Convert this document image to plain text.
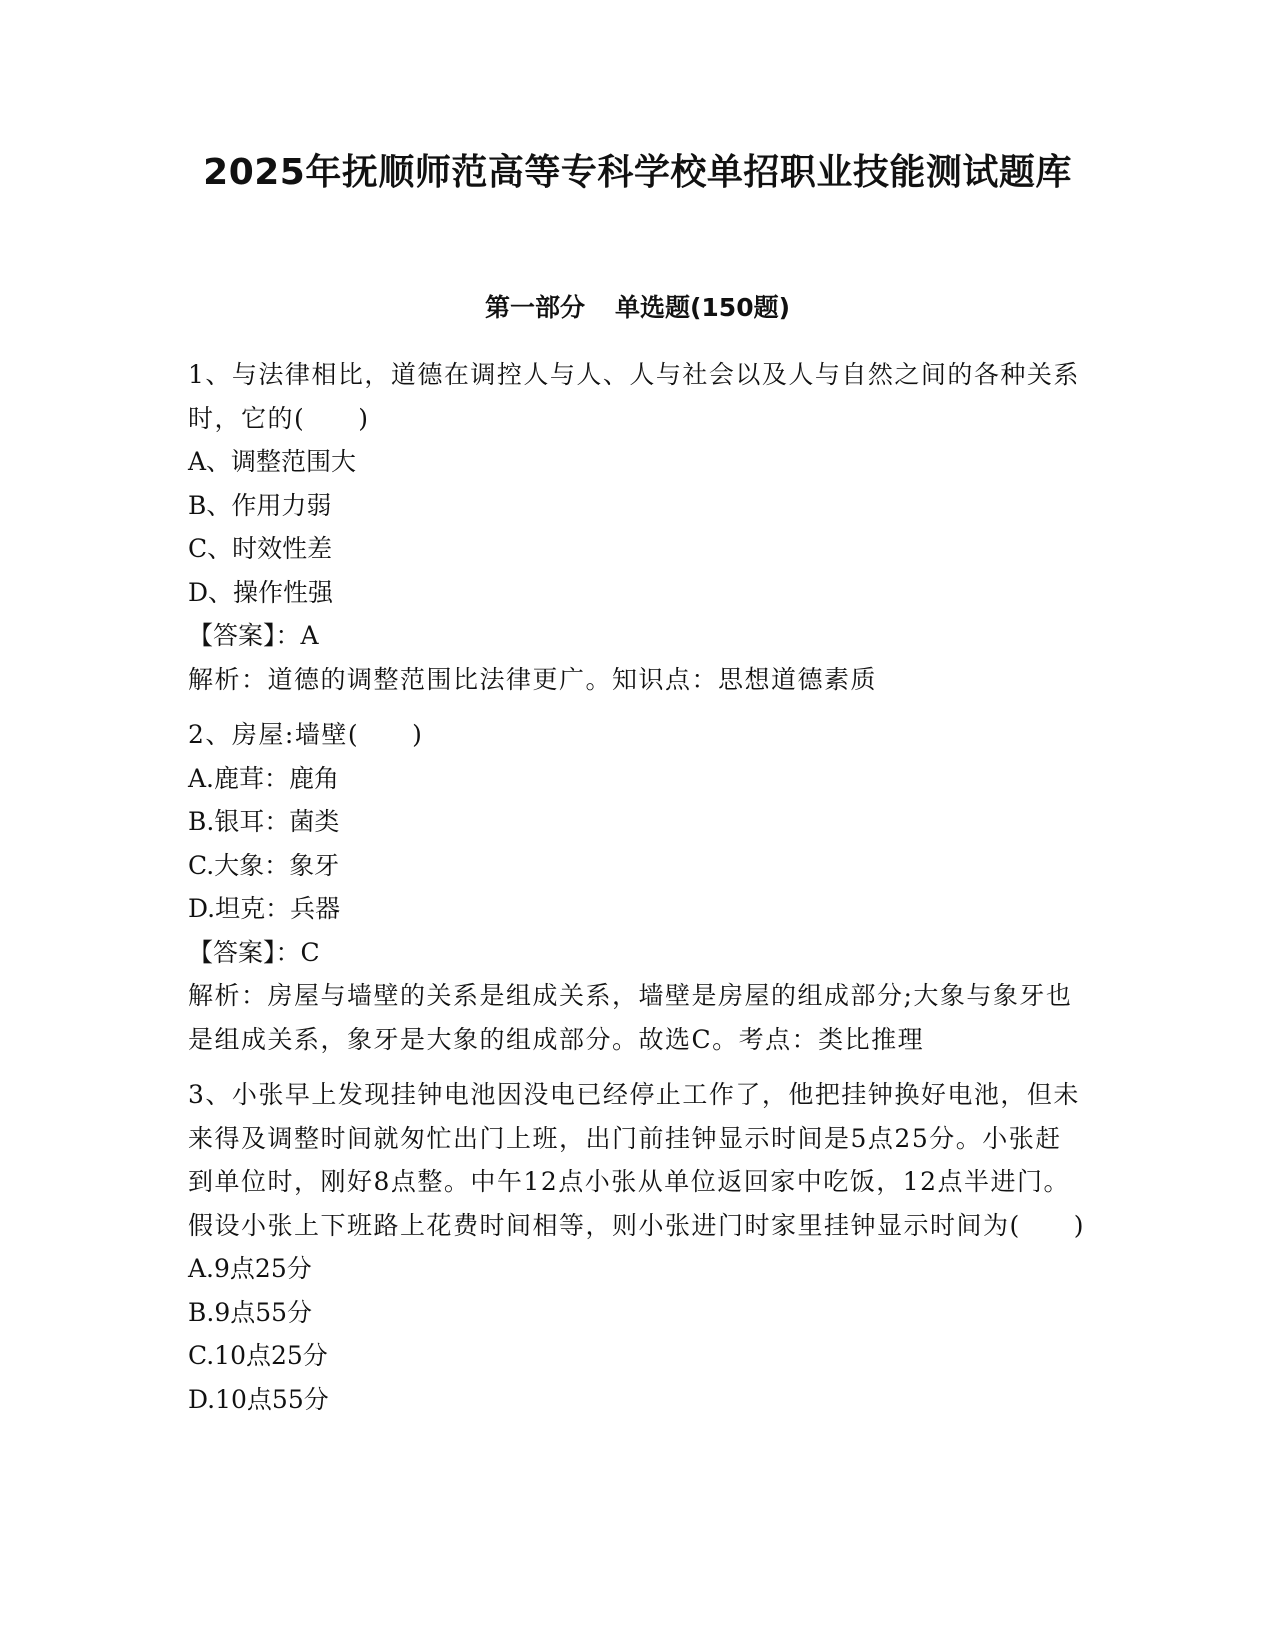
2025年抚顺师范高等专科学校单招职业技能测试题库
第一部分 单选题(150题)
1、与法律相比，道德在调控人与人、人与社会以及人与自然之间的各种关系时，它的(　　)
A、调整范围大
B、作用力弱
C、时效性差
D、操作性强
【答案】：A
解析：道德的调整范围比法律更广。知识点：思想道德素质
2、房屋:墙壁(　　)
A.鹿茸：鹿角
B.银耳：菌类
C.大象：象牙
D.坦克：兵器
【答案】：C
解析：房屋与墙壁的关系是组成关系，墙壁是房屋的组成部分;大象与象牙也是组成关系，象牙是大象的组成部分。故选C。考点：类比推理
3、小张早上发现挂钟电池因没电已经停止工作了，他把挂钟换好电池，但未来得及调整时间就匆忙出门上班，出门前挂钟显示时间是5点25分。小张赶到单位时，刚好8点整。中午12点小张从单位返回家中吃饭，12点半进门。假设小张上下班路上花费时间相等，则小张进门时家里挂钟显示时间为(　　)
A.9点25分
B.9点55分
C.10点25分
D.10点55分
